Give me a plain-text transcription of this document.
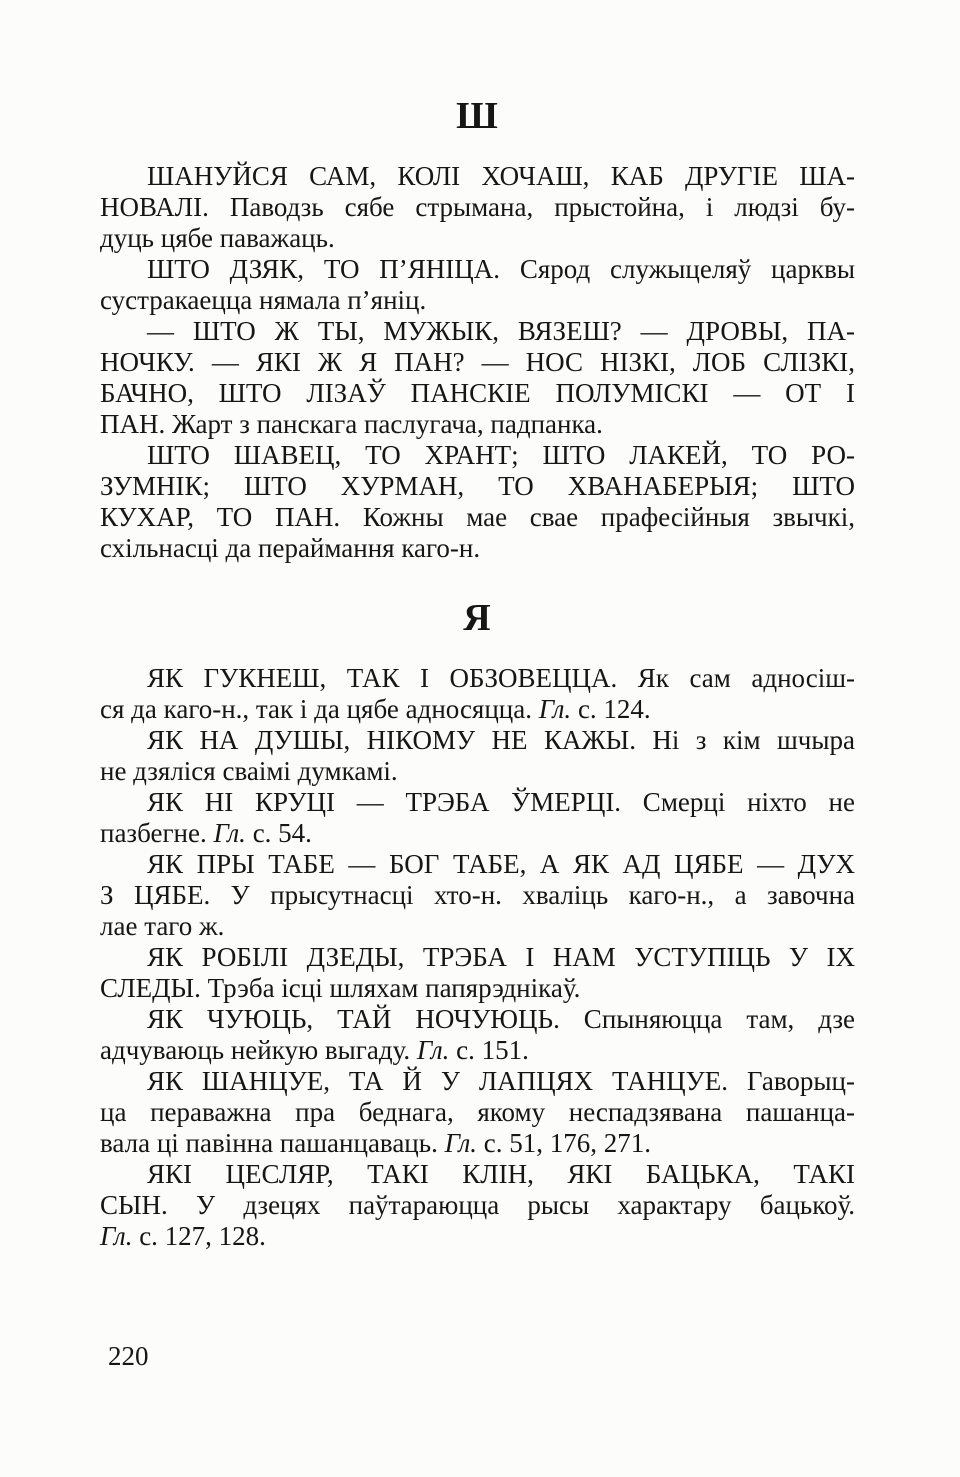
Ш
ШАНУЙСЯ САМ, КОЛІ ХОЧАШ, КАБ ДРУГІЕ ША-
НОВАЛІ. Паводзь сябе стрымана, прыстойна, і людзі бу-
дуць цябе паважаць.
ШТО ДЗЯК, ТО П’ЯНІЦА. Сярод служыцеляў царквы
сустракаецца нямала п’яніц.
— ШТО Ж ТЫ, МУЖЫК, ВЯЗЕШ? — ДРОВЫ, ПА-
НОЧКУ. — ЯКІ Ж Я ПАН? — НОС НІЗКІ, ЛОБ СЛІЗКІ,
БАЧНО, ШТО ЛІЗАЎ ПАНСКІЕ ПОЛУМІСКІ — ОТ І
ПАН. Жарт з панскага паслугача, падпанка.
ШТО ШАВЕЦ, ТО ХРАНТ; ШТО ЛАКЕЙ, ТО РО-
ЗУМНІК; ШТО ХУРМАН, ТО ХВАНАБЕРЫЯ; ШТО
КУХАР, ТО ПАН. Кожны мае свае прафесійныя звычкі,
схільнасці да пераймання каго-н.
Я
ЯК ГУКНЕШ, ТАК І ОБЗОВЕЦЦА. Як сам адносіш-
ся да каго-н., так і да цябе адносяцца. Гл. с. 124.
ЯК НА ДУШЫ, НІКОМУ НЕ КАЖЫ. Ні з кім шчыра
не дзяліся сваімі думкамі.
ЯК НІ КРУЦІ — ТРЭБА ЎМЕРЦІ. Смерці ніхто не
пазбегне. Гл. с. 54.
ЯК ПРЫ ТАБЕ — БОГ ТАБЕ, А ЯК АД ЦЯБЕ — ДУХ
З ЦЯБЕ. У прысутнасці хто-н. хваліць каго-н., а завочна
лае таго ж.
ЯК РОБІЛІ ДЗЕДЫ, ТРЭБА І НАМ УСТУПІЦЬ У ІХ
СЛЕДЫ. Трэба ісці шляхам папярэднікаў.
ЯК ЧУЮЦЬ, ТАЙ НОЧУЮЦЬ. Спыняюцца там, дзе
адчуваюць нейкую выгаду. Гл. с. 151.
ЯК ШАНЦУЕ, ТА Й У ЛАПЦЯХ ТАНЦУЕ. Гаворыц-
ца пераважна пра беднага, якому неспадзявана пашанца-
вала ці павінна пашанцаваць. Гл. с. 51, 176, 271.
ЯКІ ЦЕСЛЯР, ТАКІ КЛІН, ЯКІ БАЦЬКА, ТАКІ
СЫН. У дзецях паўтараюцца рысы характару бацькоў.
Гл. с. 127, 128.
220
